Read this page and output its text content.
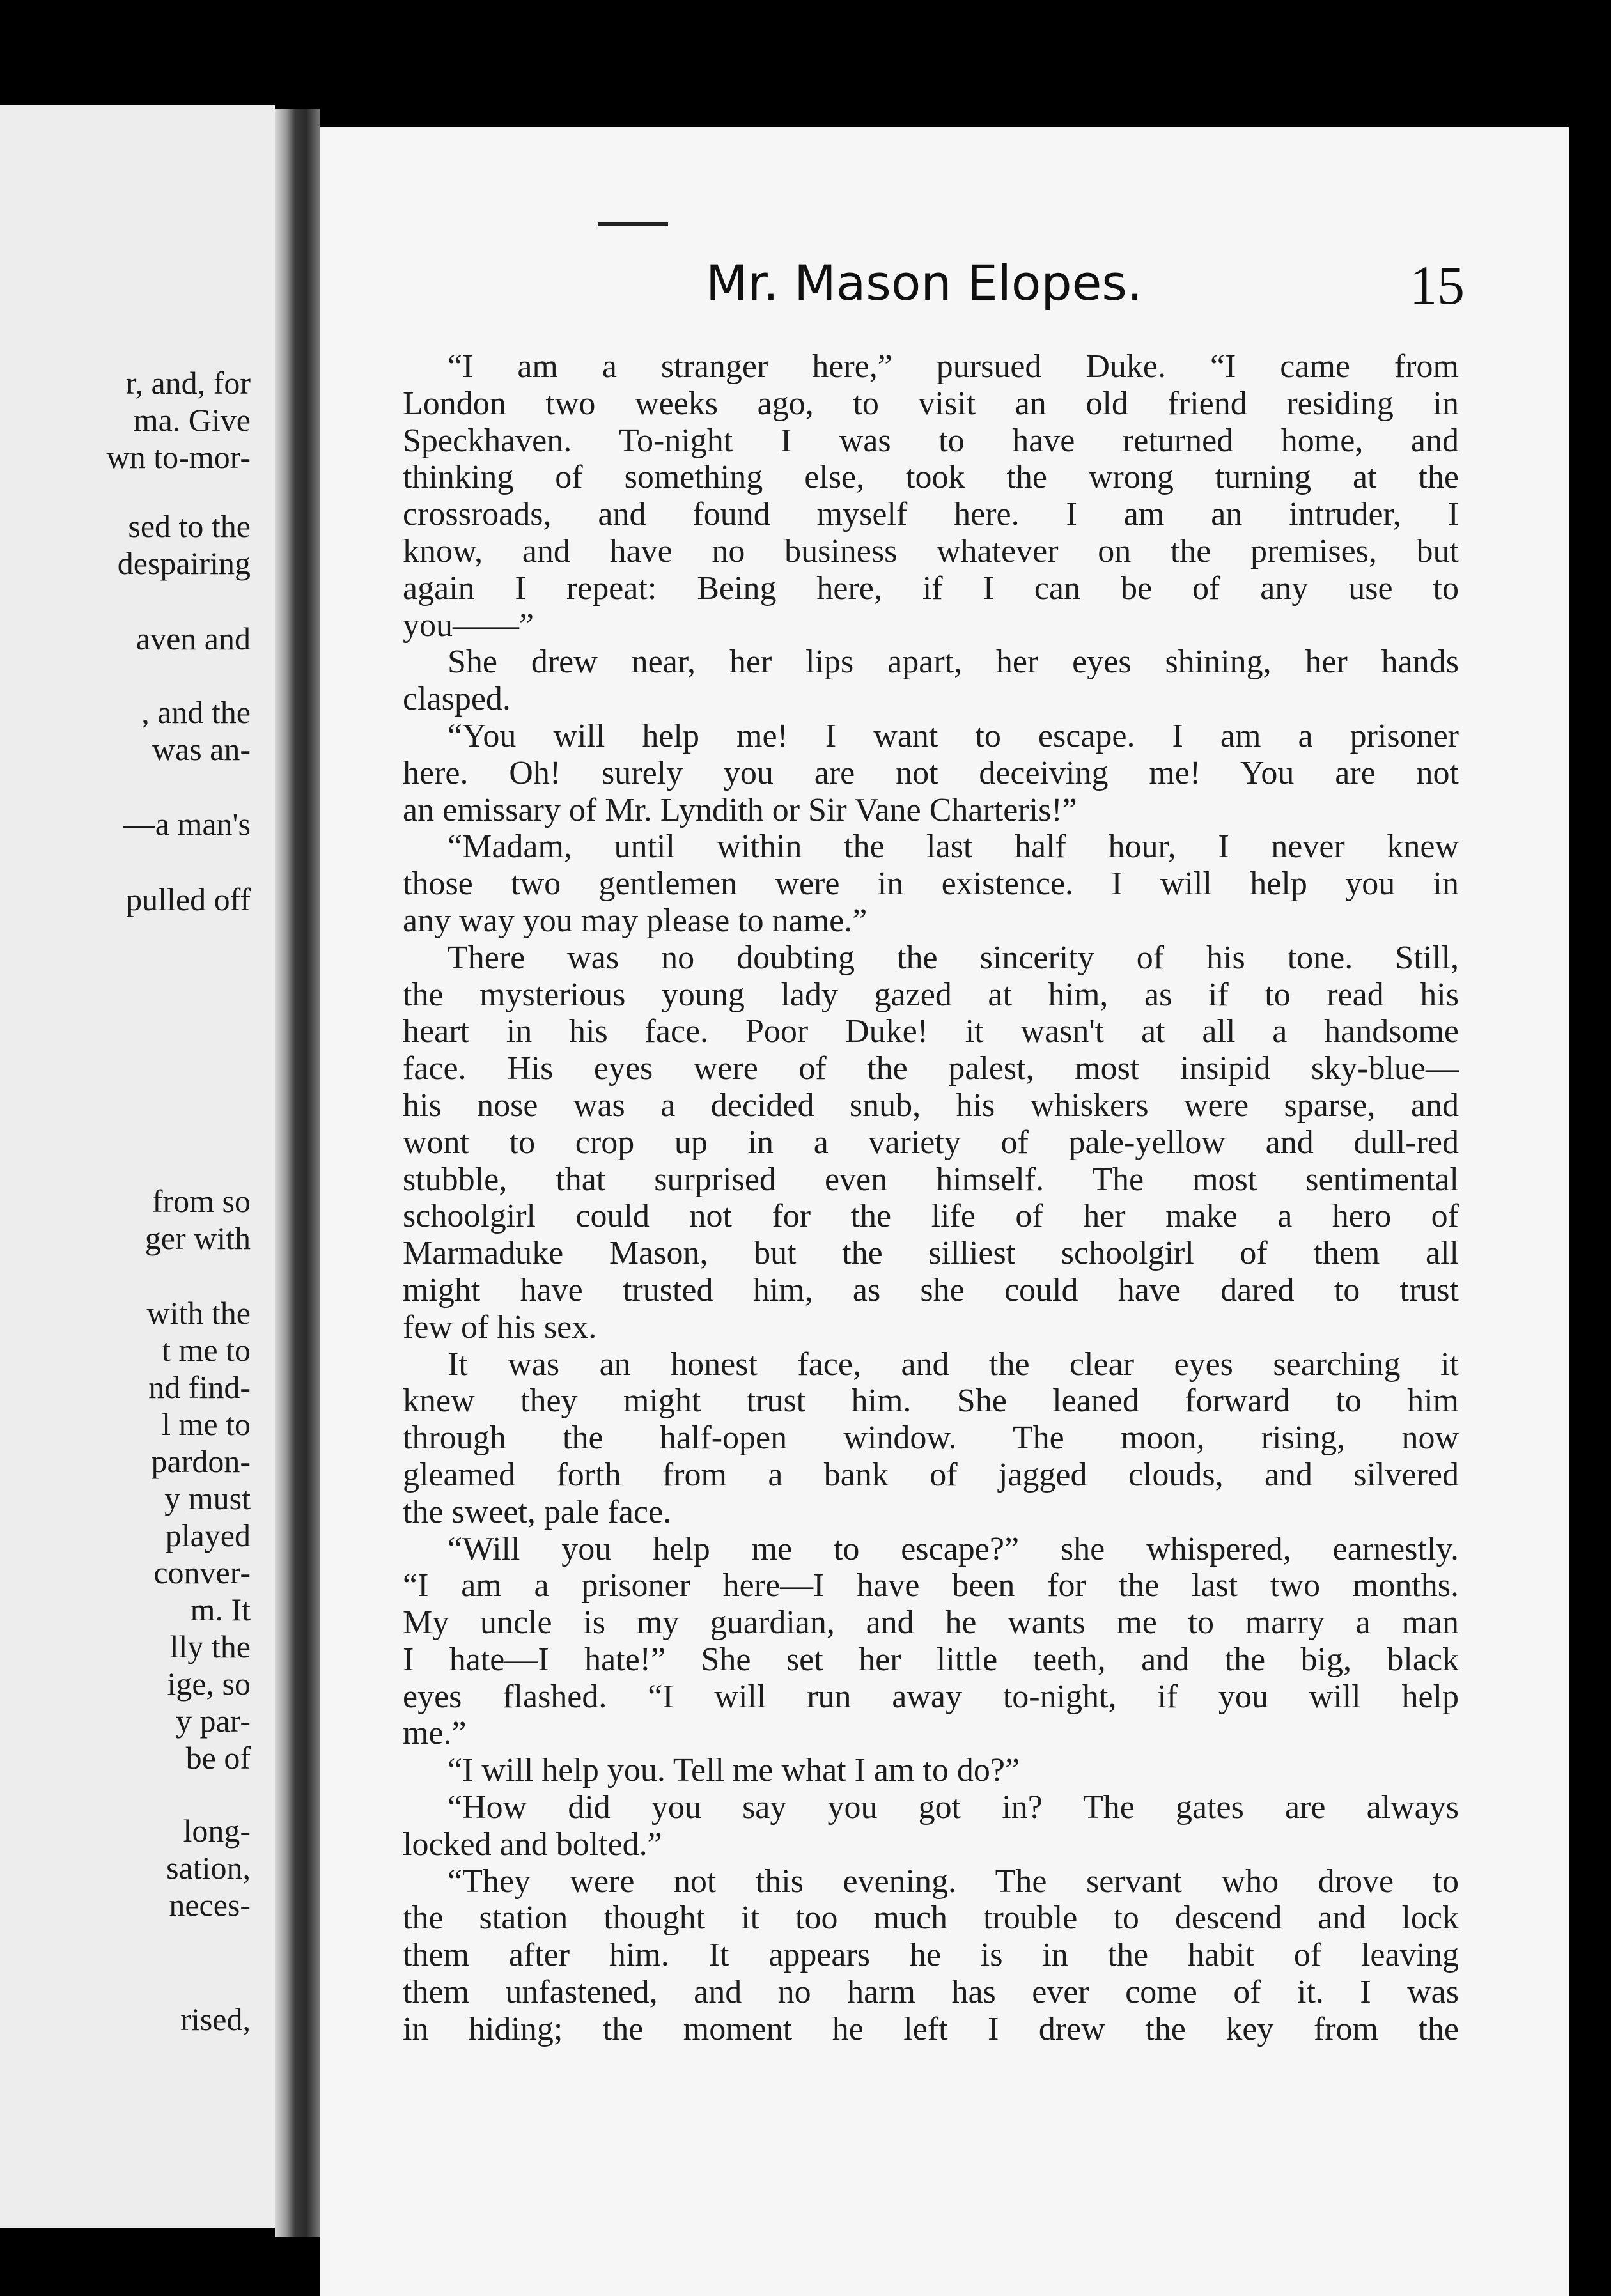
r, and, for
ma. Give
wn to-mor-
sed to the
despairing
aven and
, and the
was an-
—a man's
pulled off
from so
ger with
with the
t me to
nd find-
l me to
pardon-
y must
played
conver-
m. It
lly the
ige, so
y par-
be of
long-
sation,
neces-
rised,
Mr. Mason Elopes.	15
“I am a stranger here,” pursued Duke. “I came from
London two weeks ago, to visit an old friend residing in
Speckhaven. To-night I was to have returned home, and
thinking of something else, took the wrong turning at the
crossroads, and found myself here. I am an intruder, I
know, and have no business whatever on the premises, but
again I repeat: Being here, if I can be of any use to
you——”
She drew near, her lips apart, her eyes shining, her hands
clasped.
“You will help me! I want to escape. I am a prisoner
here. Oh! surely you are not deceiving me! You are not
an emissary of Mr. Lyndith or Sir Vane Charteris!”
“Madam, until within the last half hour, I never knew
those two gentlemen were in existence. I will help you in
any way you may please to name.”
There was no doubting the sincerity of his tone. Still,
the mysterious young lady gazed at him, as if to read his
heart in his face. Poor Duke! it wasn't at all a handsome
face. His eyes were of the palest, most insipid sky-blue—
his nose was a decided snub, his whiskers were sparse, and
wont to crop up in a variety of pale-yellow and dull-red
stubble, that surprised even himself. The most sentimental
schoolgirl could not for the life of her make a hero of
Marmaduke Mason, but the silliest schoolgirl of them all
might have trusted him, as she could have dared to trust
few of his sex.
It was an honest face, and the clear eyes searching it
knew they might trust him. She leaned forward to him
through the half-open window. The moon, rising, now
gleamed forth from a bank of jagged clouds, and silvered
the sweet, pale face.
“Will you help me to escape?” she whispered, earnestly.
“I am a prisoner here—I have been for the last two months.
My uncle is my guardian, and he wants me to marry a man
I hate—I hate!” She set her little teeth, and the big, black
eyes flashed. “I will run away to-night, if you will help
me.”
“I will help you. Tell me what I am to do?”
“How did you say you got in? The gates are always
locked and bolted.”
“They were not this evening. The servant who drove to
the station thought it too much trouble to descend and lock
them after him. It appears he is in the habit of leaving
them unfastened, and no harm has ever come of it. I was
in hiding; the moment he left I drew the key from the
